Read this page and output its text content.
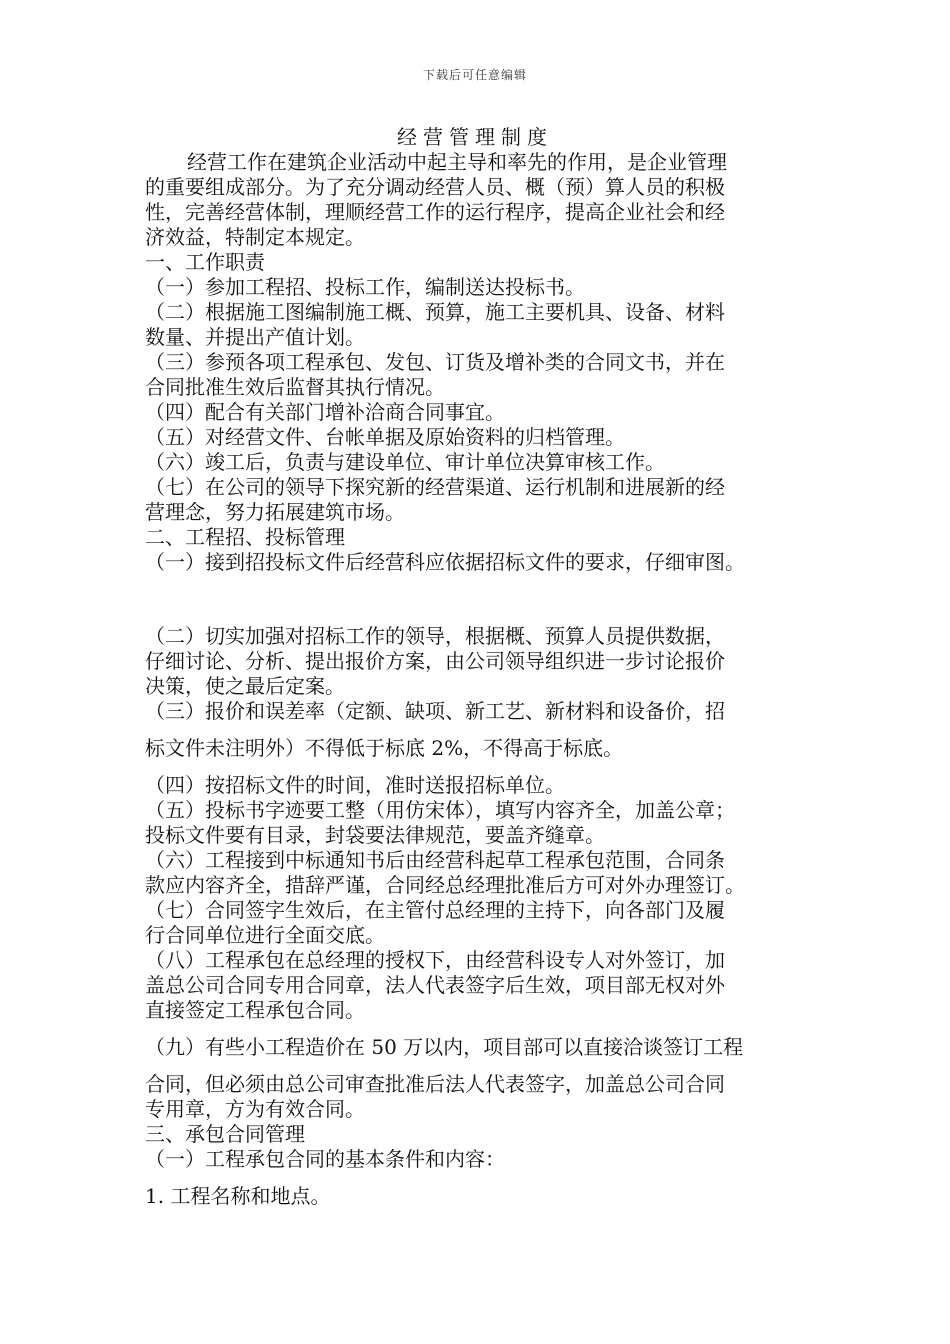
下载后可任意编辑
经营管理制度
经营工作在建筑企业活动中起主导和率先的作用，是企业管理
的重要组成部分。为了充分调动经营人员、概（预）算人员的积极
性，完善经营体制，理顺经营工作的运行程序，提高企业社会和经
济效益，特制定本规定。
一、工作职责
（一）参加工程招、投标工作，编制送达投标书。
（二）根据施工图编制施工概、预算，施工主要机具、设备、材料
数量、并提出产值计划。
（三）参预各项工程承包、发包、订货及增补类的合同文书，并在
合同批准生效后监督其执行情况。
（四）配合有关部门增补洽商合同事宜。
（五）对经营文件、台帐单据及原始资料的归档管理。
（六）竣工后，负责与建设单位、审计单位决算审核工作。
（七）在公司的领导下探究新的经营渠道、运行机制和进展新的经
营理念，努力拓展建筑市场。
二、工程招、投标管理
（一）接到招投标文件后经营科应依据招标文件的要求，仔细审图。
（二）切实加强对招标工作的领导，根据概、预算人员提供数据，
仔细讨论、分析、提出报价方案，由公司领导组织进一步讨论报价
决策，使之最后定案。
（三）报价和误差率（定额、缺项、新工艺、新材料和设备价，招
标文件未注明外）不得低于标底 2%，不得高于标底。
（四）按招标文件的时间，准时送报招标单位。
（五）投标书字迹要工整（用仿宋体），填写内容齐全，加盖公章；
投标文件要有目录，封袋要法律规范，要盖齐缝章。
（六）工程接到中标通知书后由经营科起草工程承包范围，合同条
款应内容齐全，措辞严谨，合同经总经理批准后方可对外办理签订。
（七）合同签字生效后，在主管付总经理的主持下，向各部门及履
行合同单位进行全面交底。
（八）工程承包在总经理的授权下，由经营科设专人对外签订，加
盖总公司合同专用合同章，法人代表签字后生效，项目部无权对外
直接签定工程承包合同。
（九）有些小工程造价在 50 万以内，项目部可以直接洽谈签订工程
合同，但必须由总公司审查批准后法人代表签字，加盖总公司合同
专用章，方为有效合同。
三、承包合同管理
（一）工程承包合同的基本条件和内容：
1. 工程名称和地点。
